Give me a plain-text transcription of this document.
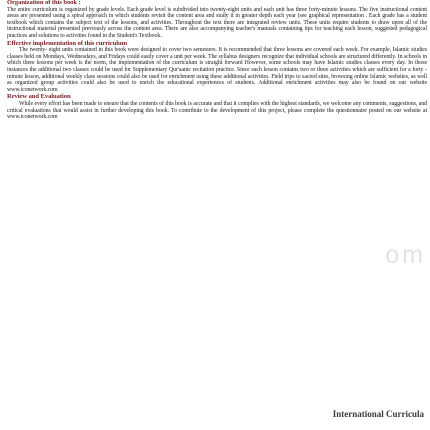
Organization of this book :

The entire curriculum is organized by grade levels. Each grade level is subdivided into twenty-eight units and each unit has three forty-minute lessons. The five instructional content areas are presented using a spiral approach in which students revisit the content area and study it in greater depth each year (see graphical representation . Each grade has a student textbook which contains the subject text of the lessons, and activities. Throughout the text there are integrated review units. These units require students to draw upon all of the instructional material presented previously across the content area. There are also accompanying teacher's manuals containing tips for teaching each lesson, suggested pedagogical practices and solutions to activities found in the Student's Textbook.

Effective implementation of this curriculum

The twenty- eight units contained in this book were designed to cover two semesters. It is recommended that three lessons are covered each week. For example, Islamic studies classes held on Mondays, Wednesdays, and Fridays could easily cover a unit per week. The syllabus designers recognize that individual schools are structured differently. In schools in which three lessons per week is the norm, the implementation of the curriculum is straight forward However, some schools may have Islamic studies classes every day. In those instances the additional two classes could be used for Supplementary Qur'aanic recitation practice. Since each lesson contains two or three activities which are sufficient for a forty - minute lesson, additional weekly class sessions could also be used for enrichment using these additional activities. Field trips to sacred sites, browsing online Islamic websites, as well as organized group activities could also be used to enrich the educational experiences of students. Additional enrichment activities may also be found on our website www.iconetwork.com

Review and Evaluation

While every effort has been made to ensure that the contents of this book is accurate and that it complies with the highest standards, we welcome any comments, suggestions, and critical evaluations that would assist in further developing this book. To contribute to the development of this project, please complete the questionnaire posted on our website at www.iconetwork.com

om
International Curricula
